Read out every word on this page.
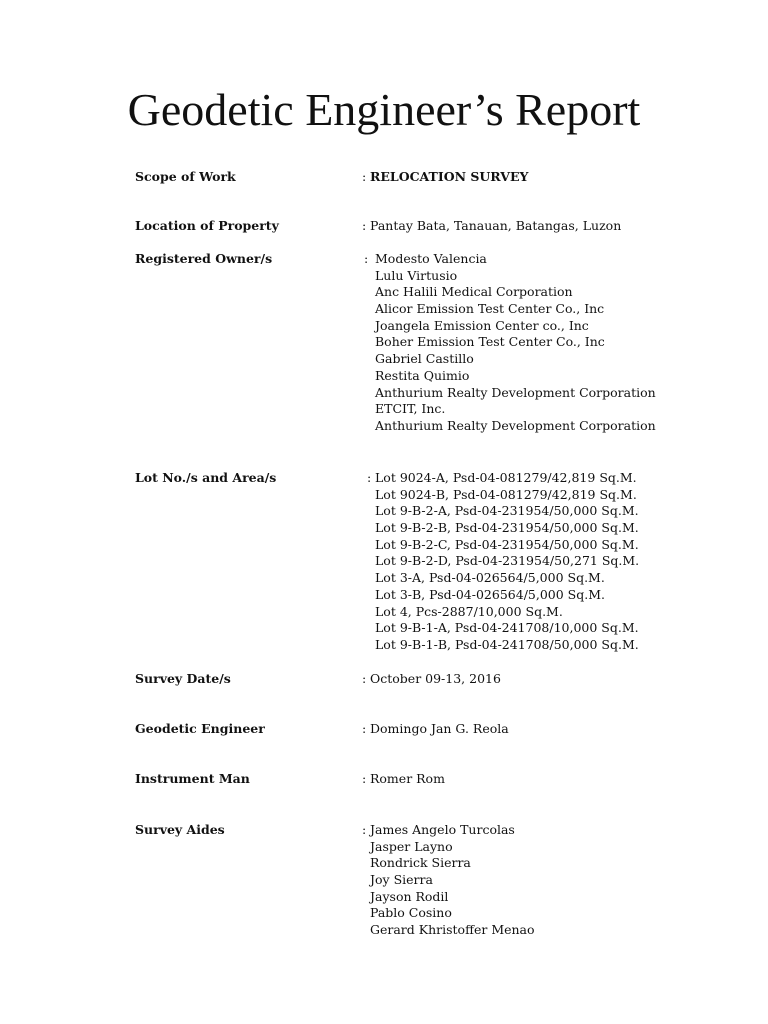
Geodetic Engineer’s Report
Scope of Work	: RELOCATION SURVEY
Location of Property	: Pantay Bata, Tanauan, Batangas, Luzon
Registered Owner/s	: Modesto Valencia
Lulu Virtusio
Anc Halili Medical Corporation
Alicor Emission Test Center Co., Inc
Joangela Emission Center co., Inc
Boher Emission Test Center Co., Inc
Gabriel Castillo
Restita Quimio
Anthurium Realty Development Corporation
ETCIT, Inc.
Anthurium Realty Development Corporation
Lot No./s and Area/s	: Lot 9024-A, Psd-04-081279/42,819 Sq.M.
Lot 9024-B, Psd-04-081279/42,819 Sq.M.
Lot 9-B-2-A, Psd-04-231954/50,000 Sq.M.
Lot 9-B-2-B, Psd-04-231954/50,000 Sq.M.
Lot 9-B-2-C, Psd-04-231954/50,000 Sq.M.
Lot 9-B-2-D, Psd-04-231954/50,271 Sq.M.
Lot 3-A, Psd-04-026564/5,000 Sq.M.
Lot 3-B, Psd-04-026564/5,000 Sq.M.
Lot 4, Pcs-2887/10,000 Sq.M.
Lot 9-B-1-A, Psd-04-241708/10,000 Sq.M.
Lot 9-B-1-B, Psd-04-241708/50,000 Sq.M.
Survey Date/s	: October 09-13, 2016
Geodetic Engineer	: Domingo Jan G. Reola
Instrument Man	: Romer Rom
Survey Aides	: James Angelo Turcolas
Jasper Layno
Rondrick Sierra
Joy Sierra
Jayson Rodil
Pablo Cosino
Gerard Khristoffer Menao
